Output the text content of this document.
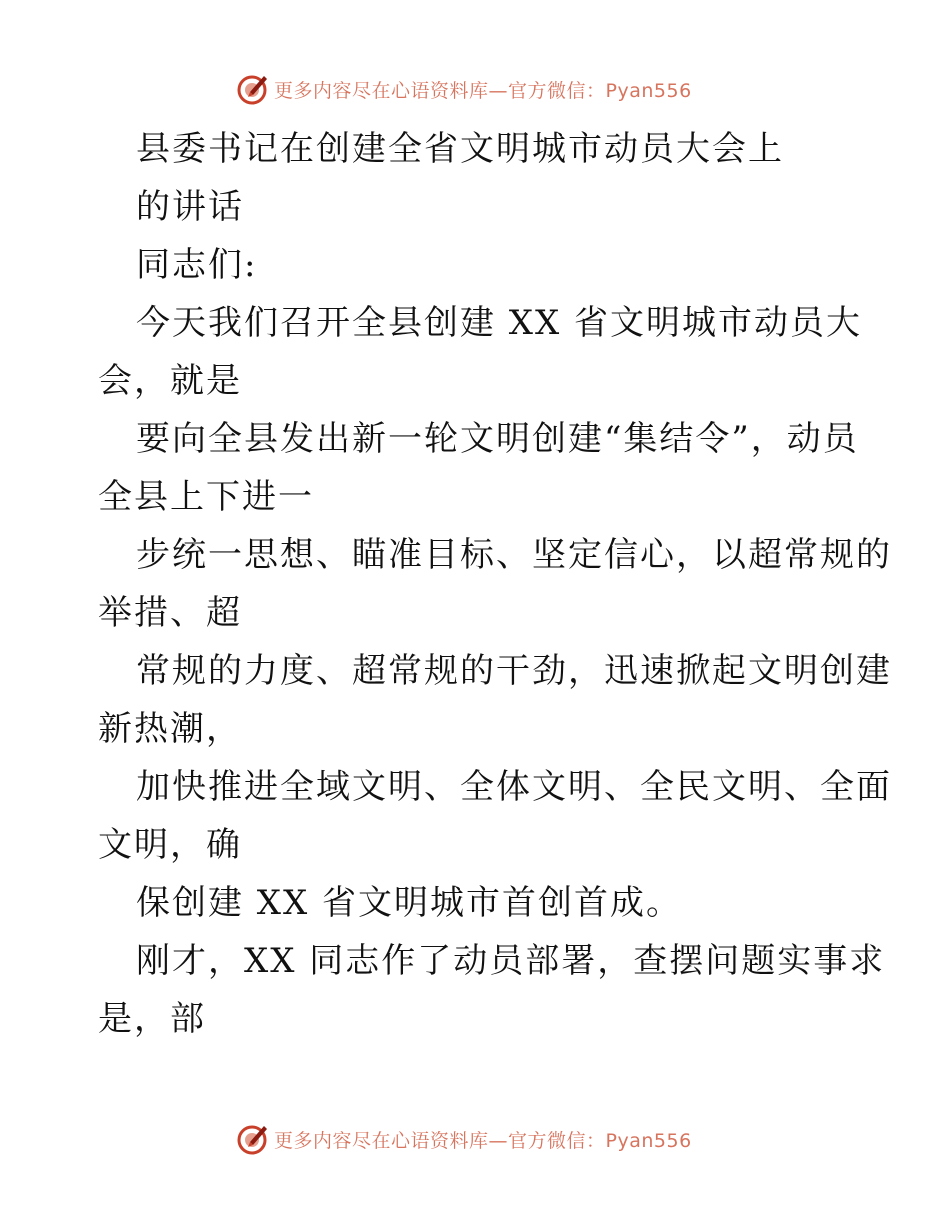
更多内容尽在心语资料库—官方微信：Pyan556
县委书记在创建全省文明城市动员大会上
的讲话
同志们:
今天我们召开全县创建 XX 省文明城市动员大
会，就是
要向全县发出新一轮文明创建“集结令”，动员
全县上下进一
步统一思想、瞄准目标、坚定信心，以超常规的
举措、超
常规的力度、超常规的干劲，迅速掀起文明创建
新热潮，
加快推进全域文明、全体文明、全民文明、全面
文明，确
保创建 XX 省文明城市首创首成。
刚才，XX 同志作了动员部署，查摆问题实事求
是，部
更多内容尽在心语资料库—官方微信：Pyan556
